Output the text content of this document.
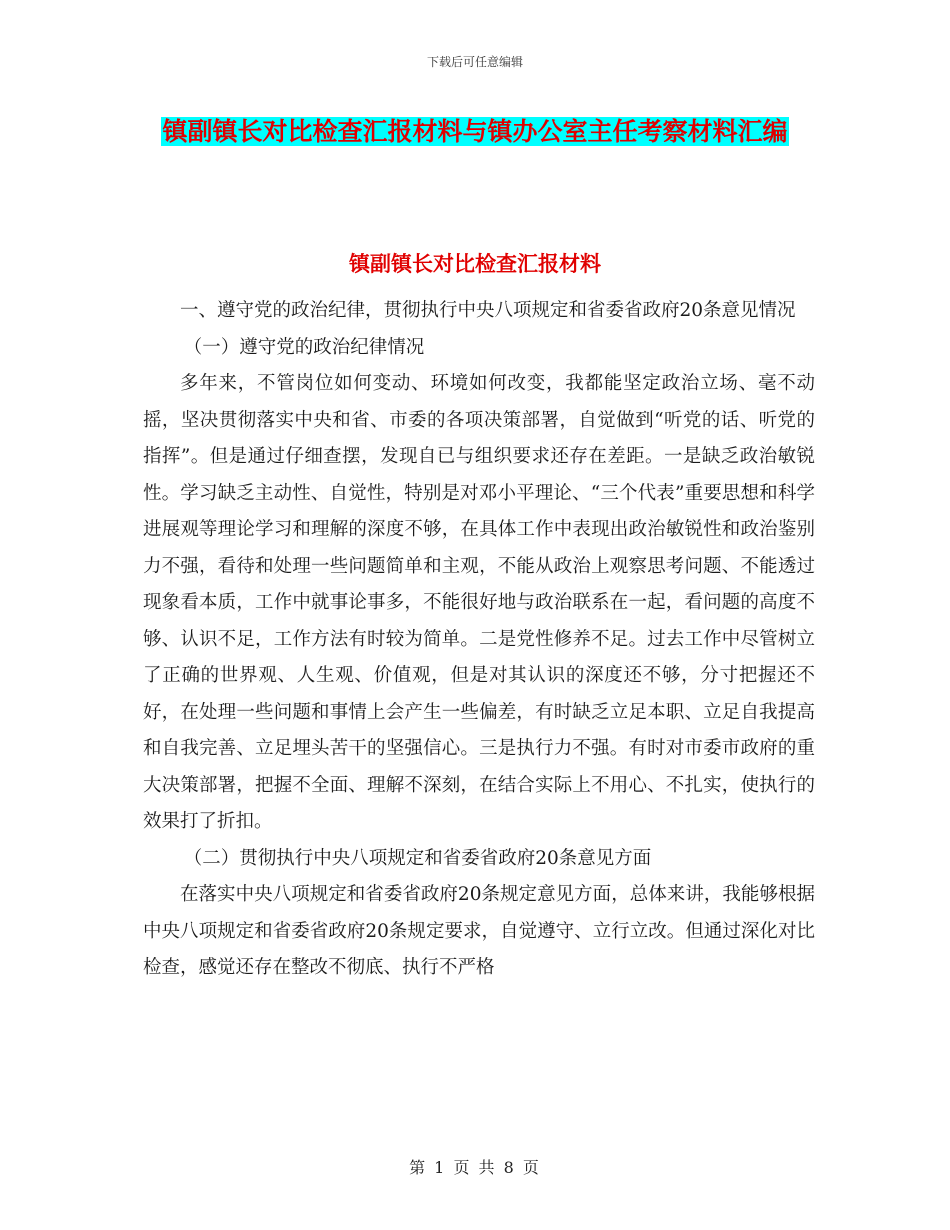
下载后可任意编辑
镇副镇长对比检查汇报材料与镇办公室主任考察材料汇编
镇副镇长对比检查汇报材料

一、遵守党的政治纪律，贯彻执行中央八项规定和省委省政府20条意见情况

（一）遵守党的政治纪律情况

多年来，不管岗位如何变动、环境如何改变，我都能坚定政治立场、毫不动摇，坚决贯彻落实中央和省、市委的各项决策部署，自觉做到“听党的话、听党的指挥”。但是通过仔细查摆，发现自已与组织要求还存在差距。一是缺乏政治敏锐性。学习缺乏主动性、自觉性，特别是对邓小平理论、“三个代表”重要思想和科学进展观等理论学习和理解的深度不够，在具体工作中表现出政治敏锐性和政治鉴别力不强，看待和处理一些问题简单和主观，不能从政治上观察思考问题、不能透过现象看本质，工作中就事论事多，不能很好地与政治联系在一起，看问题的高度不够、认识不足，工作方法有时较为简单。二是党性修养不足。过去工作中尽管树立了正确的世界观、人生观、价值观，但是对其认识的深度还不够，分寸把握还不好，在处理一些问题和事情上会产生一些偏差，有时缺乏立足本职、立足自我提高和自我完善、立足埋头苦干的坚强信心。三是执行力不强。有时对市委市政府的重大决策部署，把握不全面、理解不深刻，在结合实际上不用心、不扎实，使执行的效果打了折扣。

（二）贯彻执行中央八项规定和省委省政府20条意见方面

在落实中央八项规定和省委省政府20条规定意见方面，总体来讲，我能够根据中央八项规定和省委省政府20条规定要求，自觉遵守、立行立改。但通过深化对比检查，感觉还存在整改不彻底、执行不严格

第 1 页 共 8 页
